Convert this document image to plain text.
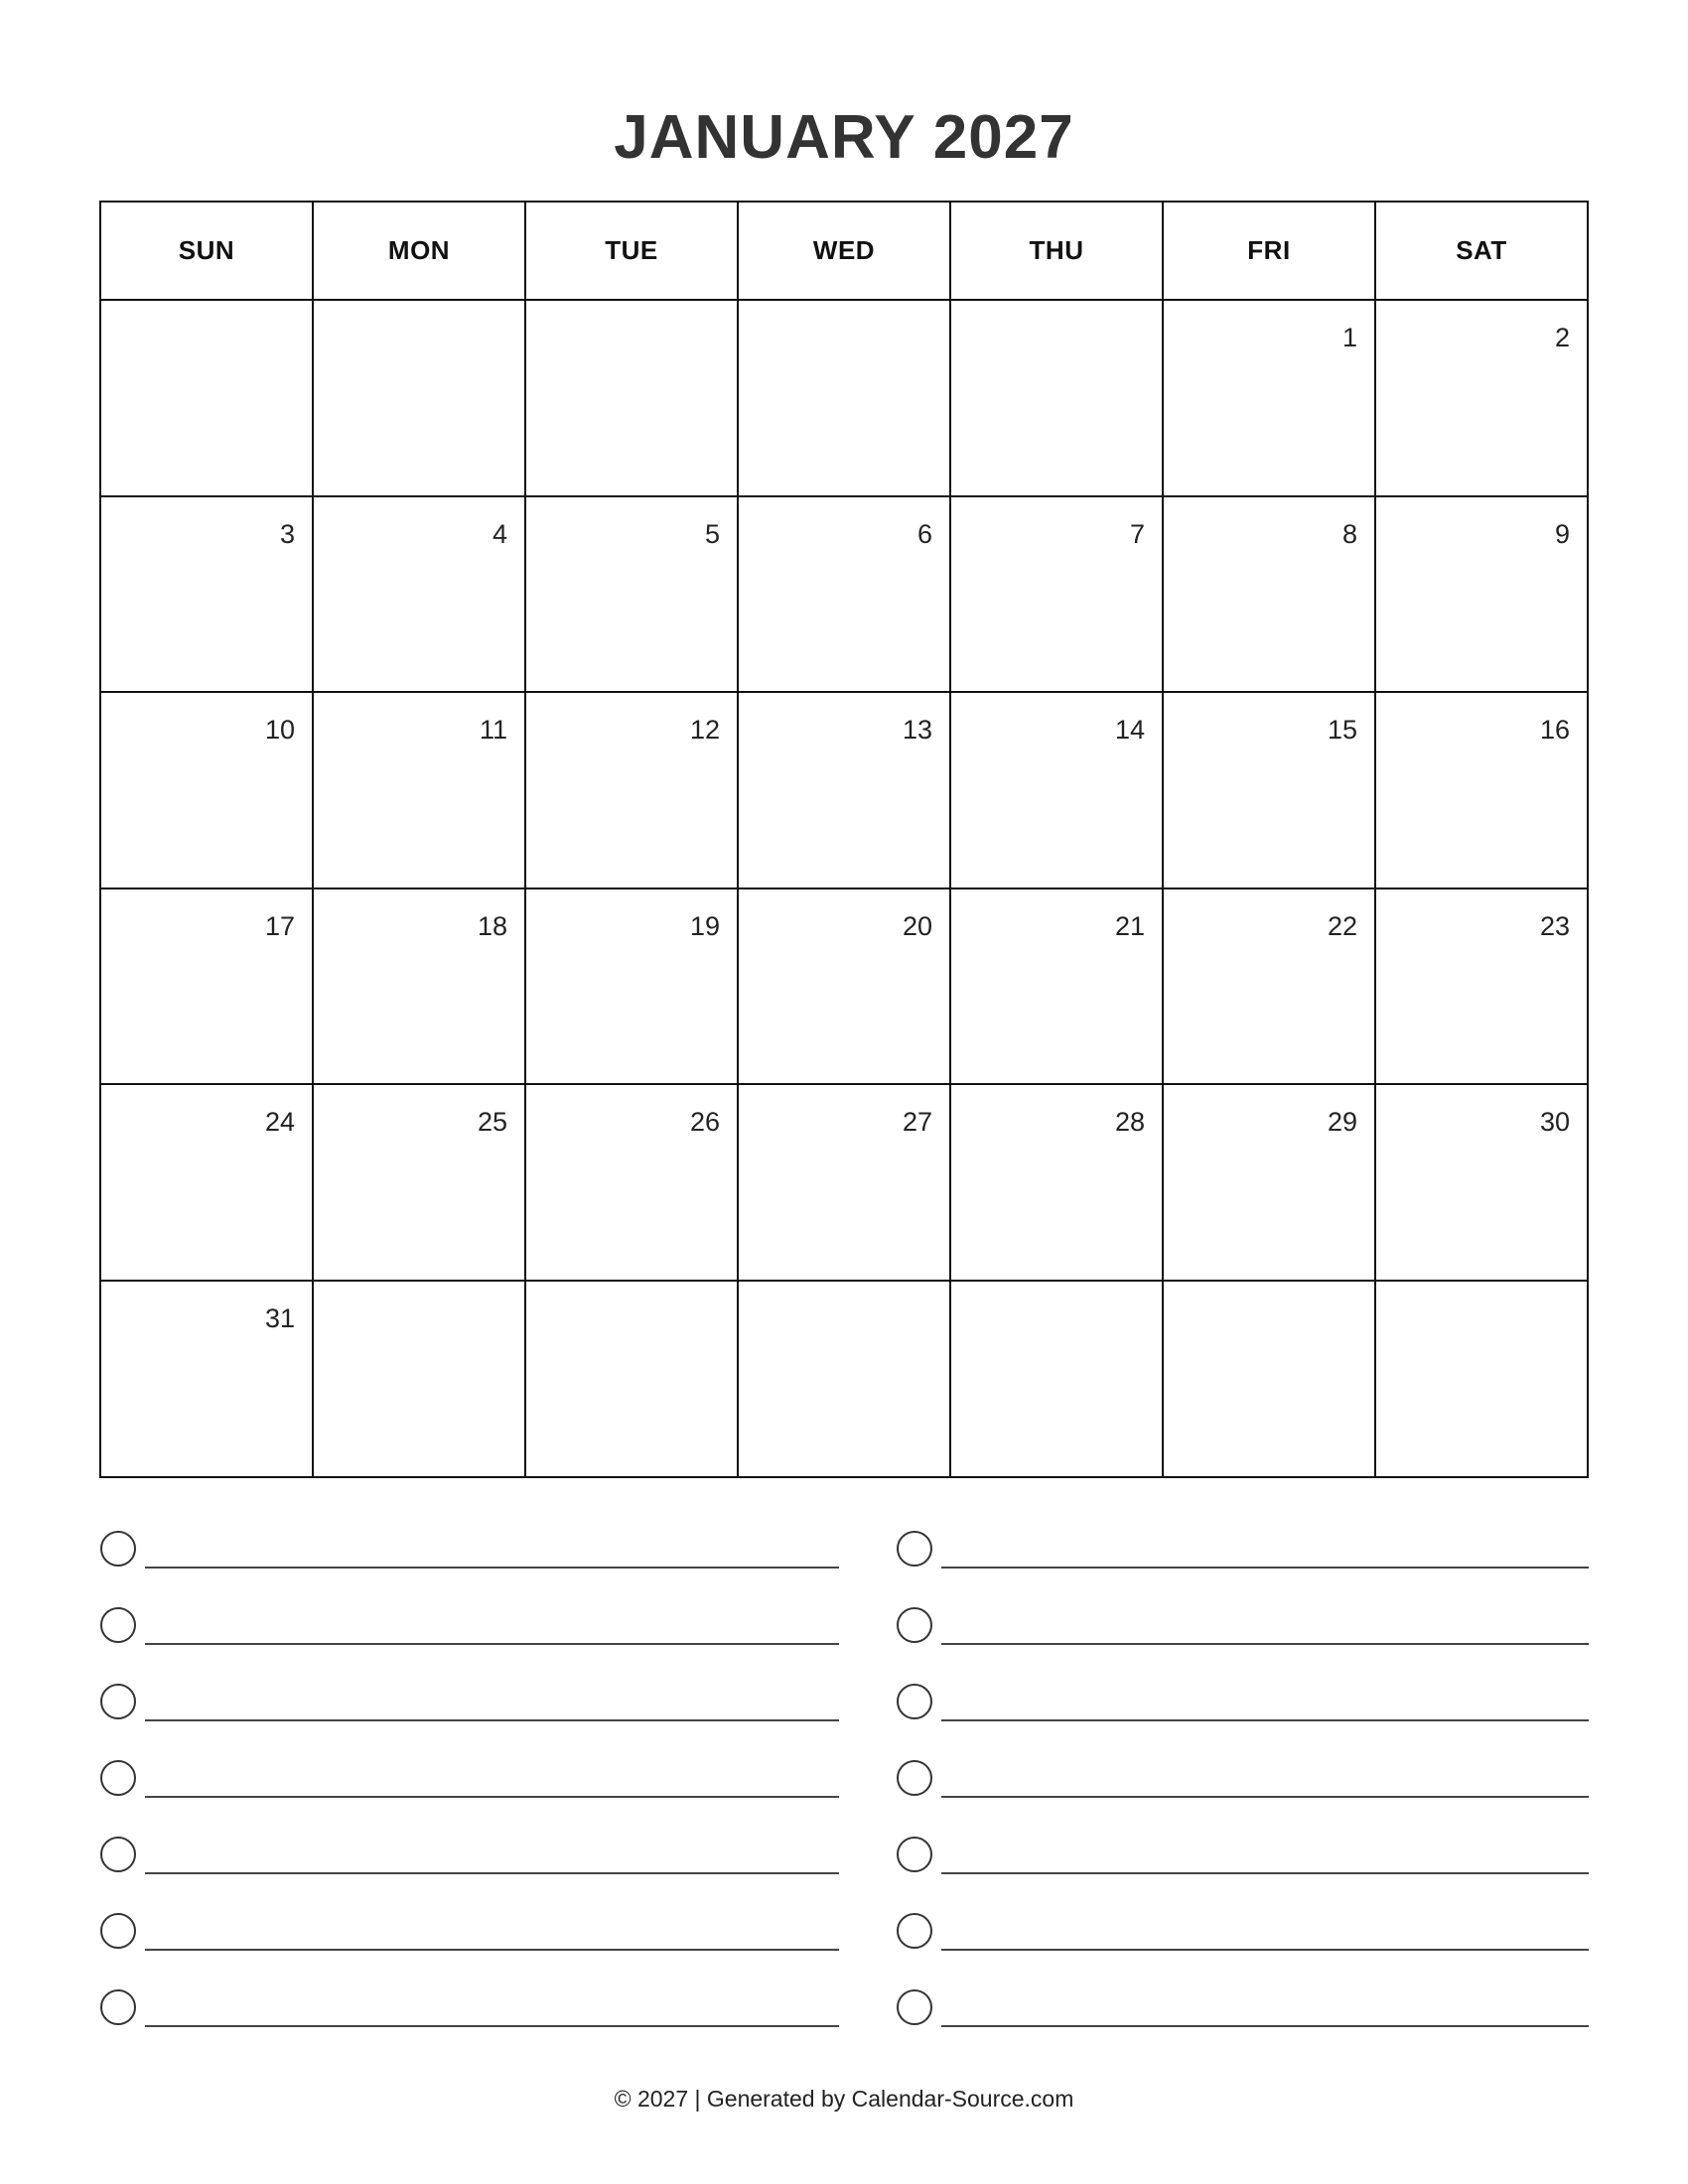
JANUARY 2027
SUN	MON	TUE	WED	THU	FRI	SAT
					1	2
3	4	5	6	7	8	9
10	11	12	13	14	15	16
17	18	19	20	21	22	23
24	25	26	27	28	29	30
31						
© 2027 | Generated by Calendar-Source.com
